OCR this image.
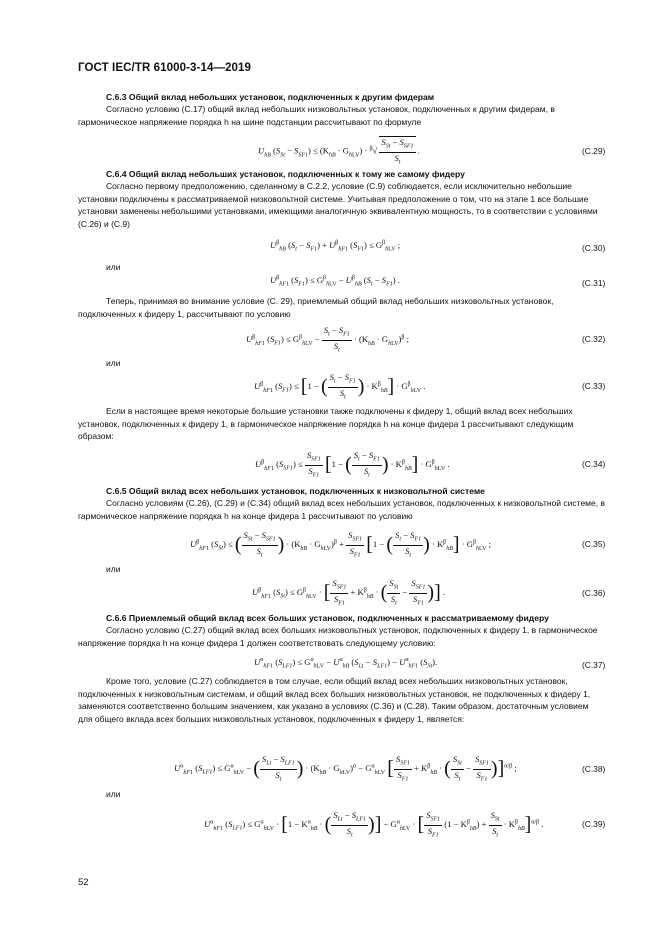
ГОСТ IEC/TR 61000-3-14—2019
С.6.3 Общий вклад небольших установок, подключенных к другим фидерам
Согласно условию (С.17) общий вклад небольших низковольтных установок, подключенных к другим фидерам, в гармоническое напряжение порядка h на шине подстанции рассчитывают по формуле
$U_{hB}$ $(S_{St} - S_{SF1}) \le (K_{hB} \cdot G_{hLV}) \cdot ^\beta√ \frac{S_{St} - S_{SF1}}{S_t}$ .	(С.29)
С.6.4 Общий вклад небольших установок, подключенных к тому же самому фидеру
Согласно первому предположению, сделанному в С.2.2, условие (С.9) соблюдается, если исключительно небольшие установки подключены к рассматриваемой низковольтной системе. Учитывая предположение о том, что на этапе 1 все большие установки заменены небольшими установками, имеющими аналогичную эквивалентную мощность, то в соответствии с условиями (С.26) и (С.9)
$U^\beta_{hB}$ $(S_t - S_{F1}) + U^\beta_{hF1}$ $(S_{F1}) \le G^\beta_{hLV}$ ;	(С.30)
или
$U^\beta_{hF1}$ $(S_{F1}) \le G^\beta_{hLV} - U^\beta_{hB}$ $(S_t - S_{F1})$ .	(С.31)
Теперь, принимая во внимание условие (С. 29), приемлемый общий вклад небольших низковольтных установок, подключенных к фидеру 1, рассчитывают по условию
$U^\beta_{hF1}$ $(S_{F1}) \le G^\beta_{hLV} - \frac{S_t - S_{F1}}{S_t} \cdot (K_{hB} \cdot G_{hLV})^\beta$ ;	(С.32)
или
$U^\beta_{hF1}$ $(S_{F1}) \le [1$ − ( $\frac{S_t - S_{F1}}{S_t}$ ) · $K^\beta_{hB}] \cdot G^\beta_{hLV}$ .	(С.33)
Если в настоящее время некоторые большие установки также подключены к фидеру 1, общий вклад всех небольших установок, подключенных к фидеру 1, в гармоническое напряжение порядка h на конце фидера 1 рассчитывают следующим образом:
$U^\beta_{hF1}$ $(S_{SF1}) \le \frac{S_{SF1}}{S_{F1}} [1$ − ( $\frac{S_t - S_{F1}}{S_t}$ ) · $K^\beta_{hB}] \cdot G^\beta_{hLV}$ .	(С.34)
С.6.5 Общий вклад всех небольших установок, подключенных к низковольтной системе
Согласно условиям (С.26), (С.29) и (С.34) общий вклад всех небольших установок, подключенных к низковольтной системе, в гармоническое напряжение порядка h на конце фидера 1 рассчитывают по условию
$U^\beta_{hF1}$ $(S_{St})$ ≤ ( $\frac{S_{St} - S_{SF1}}{S_t}$ ) · $(K_{hB} \cdot G_{hLV})^\beta + \frac{S_{SF1}}{S_{F1}} [1$ − ( $\frac{S_t - S_{F1}}{S_t}$ ) · $K^\beta_{hB}] \cdot G^\beta_{hLV}$ ;	(С.35)
или
$U^\beta_{hF1}$ $(S_{St}) \le G^\beta_{hLV}$ · [ $\frac{S_{SF1}}{S_{F1}} + K^\beta_{hB}$ · ( $\frac{S_{St}}{S_t} - \frac{S_{SF1}}{S_{F1}}$ )] .	(С.36)
С.6.6 Приемлемый общий вклад всех больших установок, подключенных к рассматриваемому фидеру
Согласно условию (С.27) общий вклад всех больших низковольтных установок, подключенных к фидеру 1, в гармоническое напряжение порядка h на конце фидера 1 должен соответствовать следующему условию:
$U^\alpha_{hF1}$ $(S_{LF1}) \le G^\alpha_{hLV} - U^\alpha_{hB}$ $(S_{Lt} - S_{LF1}) - U^\alpha_{hF1}$ $(S_{St})$.	(С.37)
Кроме того, условие (С.27) соблюдается в том случае, если общий вклад всех небольших низковольтных установок, подключенных к низковольтным системам, и общий вклад всех больших низковольтных установок, не подключенных к фидеру 1, заменяются соответственно большим значением, как указано в условиях (С.36) и (С.28). Таким образом, достаточным условием для общего вклада всех больших низковольтных установок, подключенных к фидеру 1, является:
$U^\alpha_{hF1}$ $(S_{LF1}) \le G^\alpha_{hLV}$ − ( $\frac{S_{Lt} - S_{LF1}}{S_t}$ ) · $(K_{hB} \cdot G_{hLV})^\alpha - G^\alpha_{hLV}$ [ $\frac{S_{SF1}}{S_{F1}} + K^\beta_{hB}$ · ( $\frac{S_{St}}{S_t} - \frac{S_{SF1}}{S_{F1}} )]^{\alpha/\beta}$ ;	(С.38)
или
$U^\alpha_{hF1}$ $(S_{LF1}) \le G^\alpha_{hLV} \cdot [1 - K^\alpha_{hB}$ · ( $\frac{S_{Lt} - S_{LF1}}{S_t}$ )] − $G^\alpha_{hLV}$ · [ $\frac{S_{SF1}}{S_{F1}} (1 - K^\beta_{hB}) + \frac{S_{St}}{S_t} \cdot K^\beta_{hB}]^{\alpha/\beta}$ .	(С.39)
52
